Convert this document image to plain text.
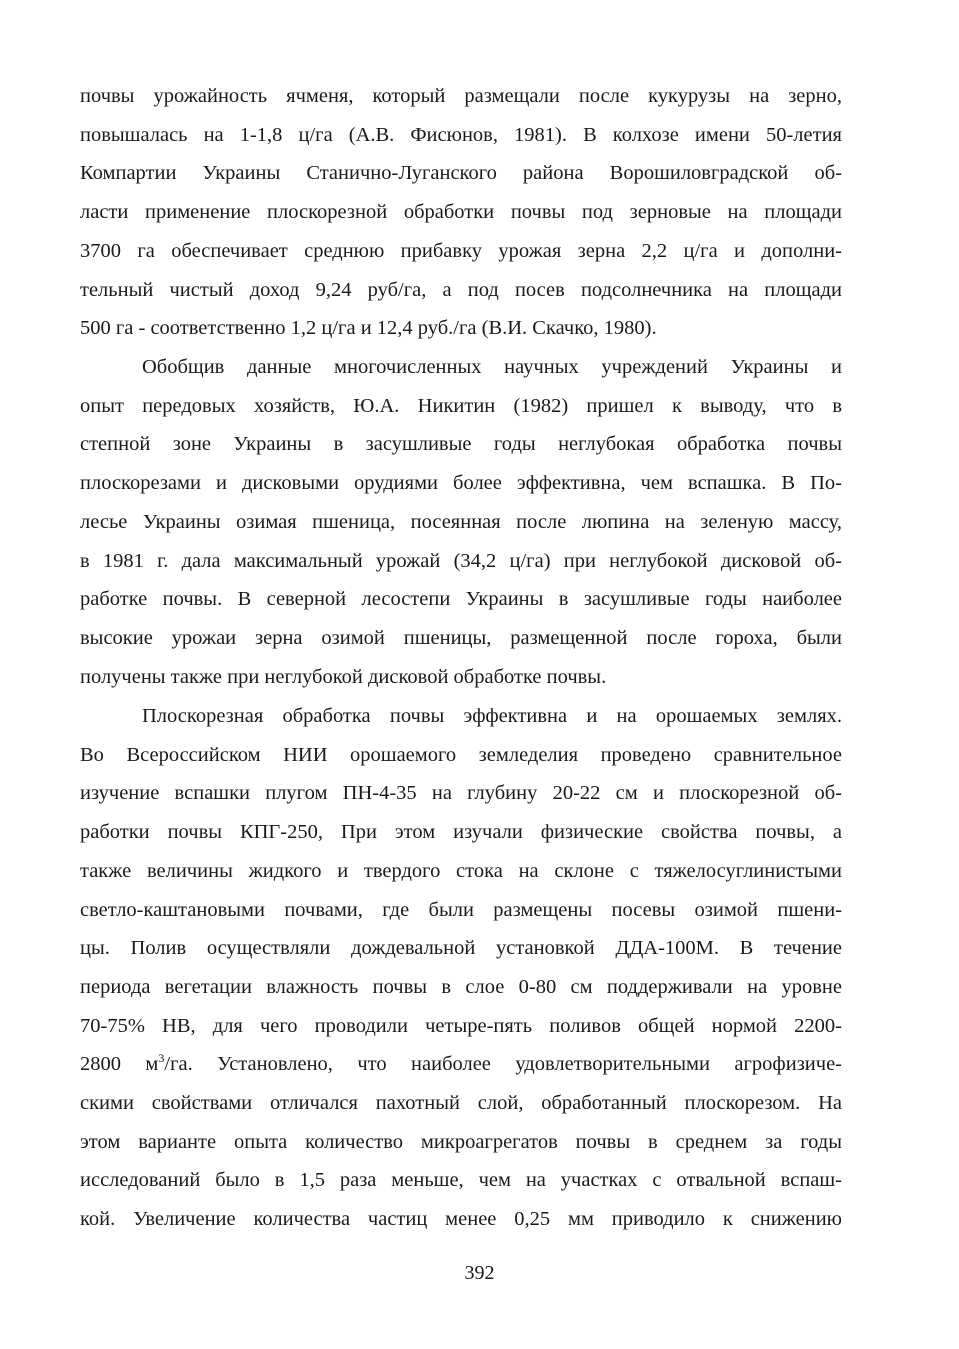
почвы урожайность ячменя, который размещали после кукурузы на зерно,

повышалась на 1-1,8 ц/га (А.В. Фисюнов, 1981). В колхозе имени 50-летия

Компартии Украины Станично-Луганского района Ворошиловградской об-

ласти применение плоскорезной обработки почвы под зерновые на площади

3700 га обеспечивает среднюю прибавку урожая зерна 2,2 ц/га и дополни-

тельный чистый доход 9,24 руб/га, а под посев подсолнечника на площади

500 га - соответственно 1,2 ц/га и 12,4 руб./га (В.И. Скачко, 1980).

Обобщив данные многочисленных научных учреждений Украины и

опыт передовых хозяйств, Ю.А. Никитин (1982) пришел к выводу, что в

степной зоне Украины в засушливые годы неглубокая обработка почвы

плоскорезами и дисковыми орудиями более эффективна, чем вспашка. В По-

лесье Украины озимая пшеница, посеянная после люпина на зеленую массу,

в 1981 г. дала максимальный урожай (34,2 ц/га) при неглубокой дисковой об-

работке почвы. В северной лесостепи Украины в засушливые годы наиболее

высокие урожаи зерна озимой пшеницы, размещенной после гороха, были

получены также при неглубокой дисковой обработке почвы.

Плоскорезная обработка почвы эффективна и на орошаемых землях.

Во Всероссийском НИИ орошаемого земледелия проведено сравнительное

изучение вспашки плугом ПН-4-35 на глубину 20-22 см и плоскорезной об-

работки почвы КПГ-250, При этом изучали физические свойства почвы, а

также величины жидкого и твердого стока на склоне с тяжелосуглинистыми

светло-каштановыми почвами, где были размещены посевы озимой пшени-

цы. Полив осуществляли дождевальной установкой ДДА-100М. В течение

периода вегетации влажность почвы в слое 0-80 см поддерживали на уровне

70-75% НВ, для чего проводили четыре-пять поливов общей нормой 2200-

2800 $м^3/га$. Установлено, что наиболее удовлетворительными агрофизиче-

скими свойствами отличался пахотный слой, обработанный плоскорезом. На

этом варианте опыта количество микроагрегатов почвы в среднем за годы

исследований было в 1,5 раза меньше, чем на участках с отвальной вспаш-

кой. Увеличение количества частиц менее 0,25 мм приводило к снижению

392
